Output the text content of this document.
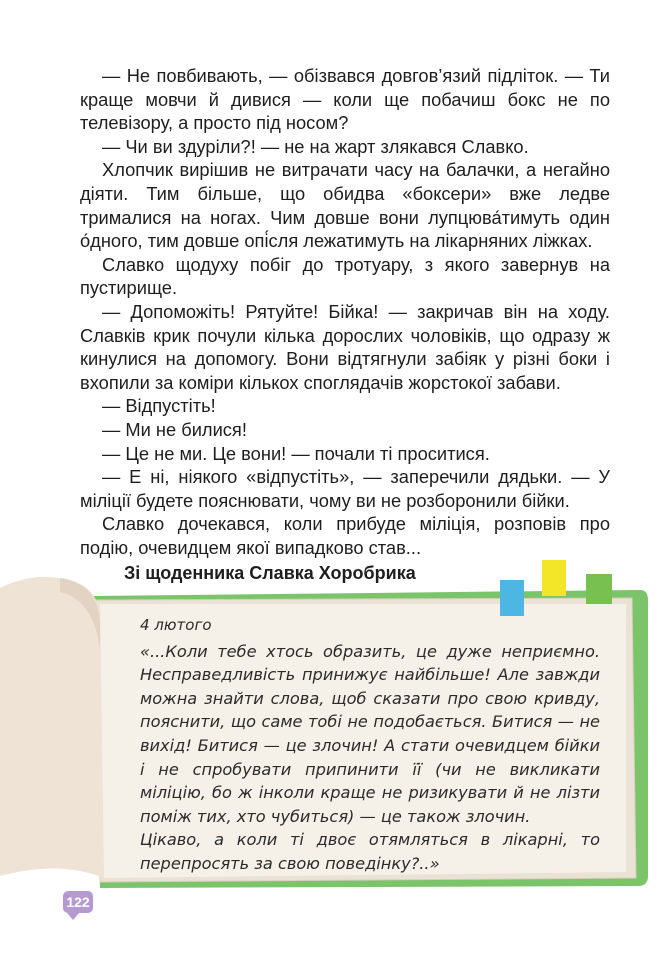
— Не повбивають, — обізвався довгов’язий підліток. — Ти краще мовчи й дивися — коли ще побачиш бокс не по телевізору, а просто під носом?

— Чи ви здуріли?! — не на жарт злякався Славко.

Хлопчик вирішив не витрачати часу на балачки, а негайно діяти. Тим більше, що обидва «боксери» вже ледве трималися на ногах. Чим довше вони лупцюва́тимуть один о́дного, тим довше опі́сля лежатимуть на лікарняних ліжках.

Славко щодуху побіг до тротуару, з якого завернув на пустирище.

— Допоможіть! Рятуйте! Бійка! — закричав він на ходу. Славків крик почули кілька дорослих чоловіків, що одразу ж кинулися на допомогу. Вони відтягнули забіяк у різні боки і вхопили за коміри кількох споглядачів жорстокої забави.

— Відпустіть!

— Ми не билися!

— Це не ми. Це вони! — почали ті проситися.

— Е ні, ніякого «відпустіть», — заперечили дядьки. — У міліції будете пояснювати, чому ви не розборонили бійки.

Славко дочекався, коли прибуде міліція, розповів про подію, очевидцем якої випадково став...

Зі щоденника Славка Хоробрика

4 лютого

«...Коли тебе хтось образить, це дуже неприємно. Несправедливість принижує найбільше! Але завжди можна знайти слова, щоб сказати про свою кривду, пояснити, що саме тобі не подобається. Битися — не вихід! Битися — це злочин! А стати очевидцем бійки і не спробувати припинити її (чи не викликати міліцію, бо ж інколи краще не ризикувати й не лізти поміж тих, хто чубиться) — це також злочин.

Цікаво, а коли ті двоє отямляться в лікарні, то перепросять за свою поведінку?..»

122
